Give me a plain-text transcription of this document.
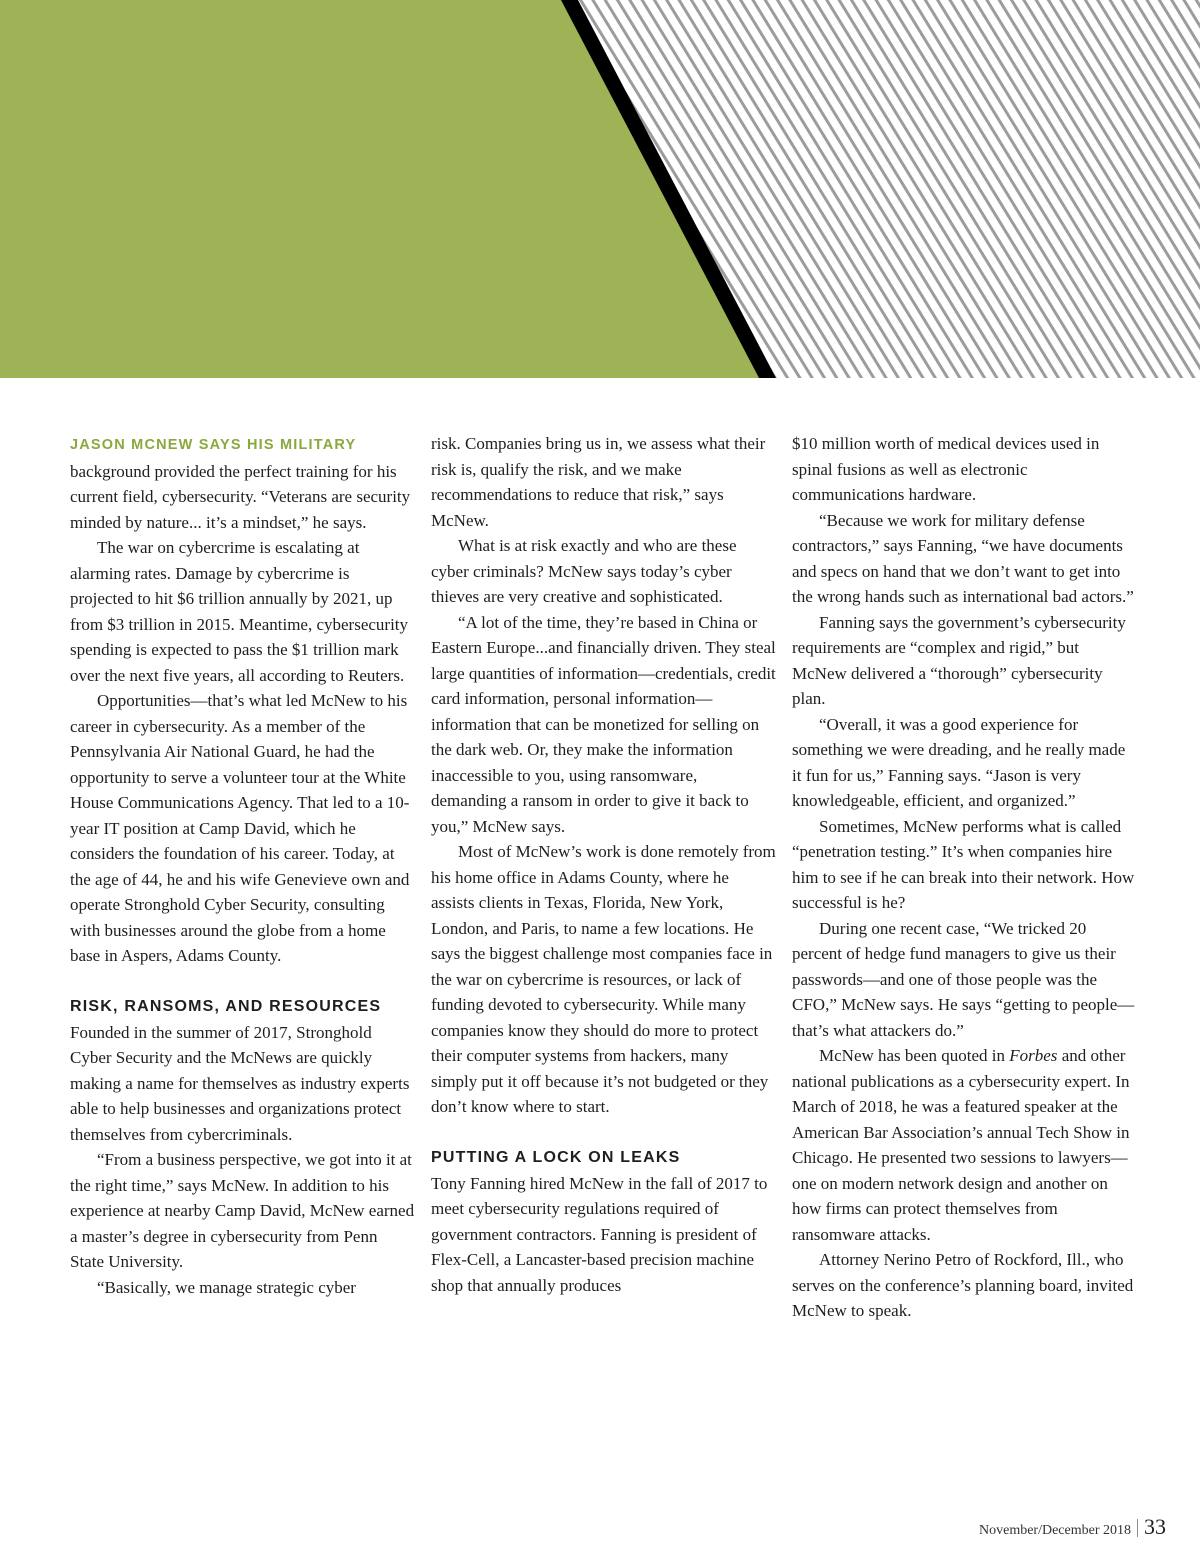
JASON MCNEW SAYS HIS MILITARY background provided the perfect training for his current field, cybersecurity. “Veterans are security minded by nature... it’s a mindset,” he says.

The war on cybercrime is escalating at alarming rates. Damage by cybercrime is projected to hit $6 trillion annually by 2021, up from $3 trillion in 2015. Meantime, cybersecurity spending is expected to pass the $1 trillion mark over the next five years, all according to Reuters.

Opportunities—that’s what led McNew to his career in cybersecurity. As a member of the Pennsylvania Air National Guard, he had the opportunity to serve a volunteer tour at the White House Communications Agency. That led to a 10-year IT position at Camp David, which he considers the foundation of his career. Today, at the age of 44, he and his wife Genevieve own and operate Stronghold Cyber Security, consulting with businesses around the globe from a home base in Aspers, Adams County.

RISK, RANSOMS, AND RESOURCES

Founded in the summer of 2017, Stronghold Cyber Security and the McNews are quickly making a name for themselves as industry experts able to help businesses and organizations protect themselves from cybercriminals.

“From a business perspective, we got into it at the right time,” says McNew. In addition to his experience at nearby Camp David, McNew earned a master’s degree in cybersecurity from Penn State University.

“Basically, we manage strategic cyber

risk. Companies bring us in, we assess what their risk is, qualify the risk, and we make recommendations to reduce that risk,” says McNew.

What is at risk exactly and who are these cyber criminals? McNew says today’s cyber thieves are very creative and sophisticated.

“A lot of the time, they’re based in China or Eastern Europe...and financially driven. They steal large quantities of information—credentials, credit card information, personal information—information that can be monetized for selling on the dark web. Or, they make the information inaccessible to you, using ransomware, demanding a ransom in order to give it back to you,” McNew says.

Most of McNew’s work is done remotely from his home office in Adams County, where he assists clients in Texas, Florida, New York, London, and Paris, to name a few locations. He says the biggest challenge most companies face in the war on cybercrime is resources, or lack of funding devoted to cybersecurity. While many companies know they should do more to protect their computer systems from hackers, many simply put it off because it’s not budgeted or they don’t know where to start.

PUTTING A LOCK ON LEAKS

Tony Fanning hired McNew in the fall of 2017 to meet cybersecurity regulations required of government contractors. Fanning is president of Flex-Cell, a Lancaster-based precision machine shop that annually produces

$10 million worth of medical devices used in spinal fusions as well as electronic communications hardware.

“Because we work for military defense contractors,” says Fanning, “we have documents and specs on hand that we don’t want to get into the wrong hands such as international bad actors.”

Fanning says the government’s cybersecurity requirements are “complex and rigid,” but McNew delivered a “thorough” cybersecurity plan.

“Overall, it was a good experience for something we were dreading, and he really made it fun for us,” Fanning says. “Jason is very knowledgeable, efficient, and organized.”

Sometimes, McNew performs what is called “penetration testing.” It’s when companies hire him to see if he can break into their network. How successful is he?

During one recent case, “We tricked 20 percent of hedge fund managers to give us their passwords—and one of those people was the CFO,” McNew says. He says “getting to people—that’s what attackers do.”

McNew has been quoted in Forbes and other national publications as a cybersecurity expert. In March of 2018, he was a featured speaker at the American Bar Association’s annual Tech Show in Chicago. He presented two sessions to lawyers—one on modern network design and another on how firms can protect themselves from ransomware attacks.

Attorney Nerino Petro of Rockford, Ill., who serves on the conference’s planning board, invited McNew to speak.

November/December 2018 33
